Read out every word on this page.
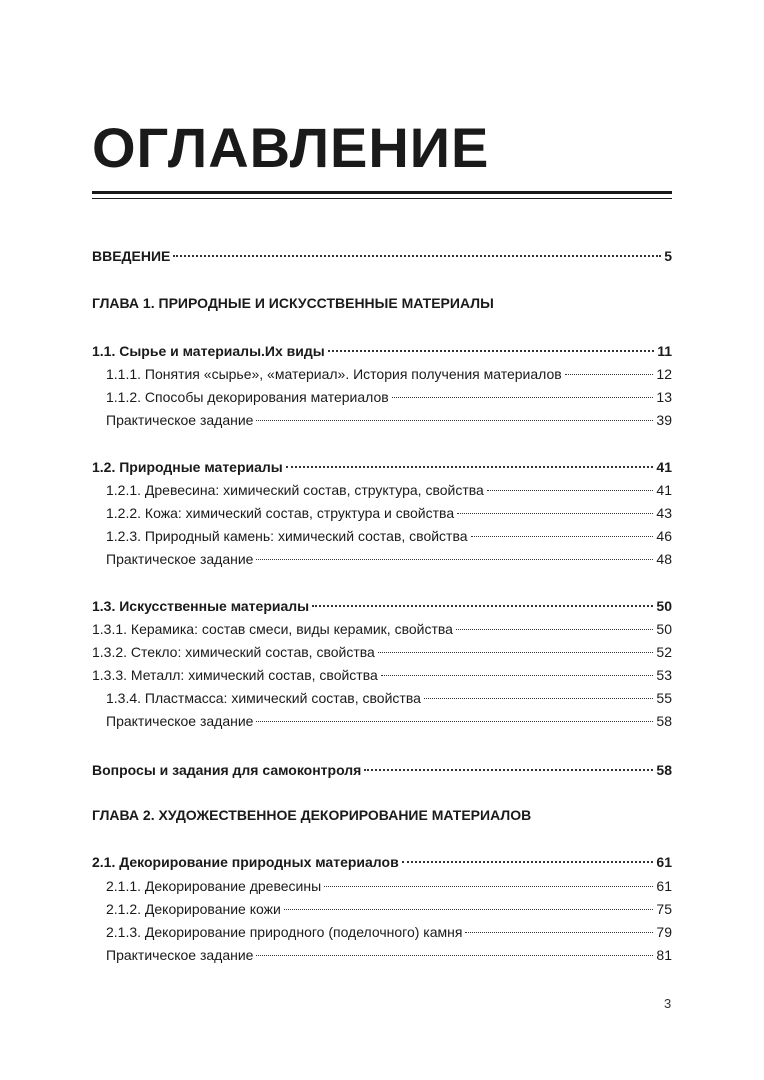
ОГЛАВЛЕНИЕ
ВВЕДЕНИЕ	5
ГЛАВА 1. ПРИРОДНЫЕ И ИСКУССТВЕННЫЕ МАТЕРИАЛЫ
1.1. Сырье и материалы.Их виды	11
1.1.1. Понятия «сырье», «материал». История получения материалов	12
1.1.2. Способы декорирования материалов	13
Практическое задание	39
1.2. Природные материалы	41
1.2.1. Древесина: химический состав, структура, свойства	41
1.2.2. Кожа: химический состав, структура и свойства	43
1.2.3. Природный камень: химический состав, свойства	46
Практическое задание	48
1.3. Искусственные материалы	50
1.3.1. Керамика: состав смеси, виды керамик, свойства	50
1.3.2. Стекло: химический состав, свойства	52
1.3.3. Металл: химический состав, свойства	53
1.3.4. Пластмасса: химический состав, свойства	55
Практическое задание	58
Вопросы и задания для самоконтроля	58
ГЛАВА 2. ХУДОЖЕСТВЕННОЕ ДЕКОРИРОВАНИЕ МАТЕРИАЛОВ
2.1. Декорирование природных материалов	61
2.1.1. Декорирование древесины	61
2.1.2. Декорирование кожи	75
2.1.3. Декорирование природного (поделочного) камня	79
Практическое задание	81
3
